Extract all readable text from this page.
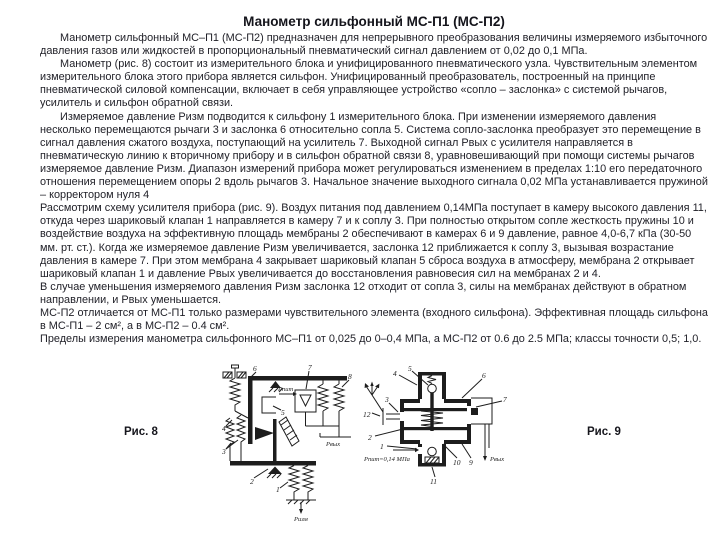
Манометр сильфонный МС-П1 (МС-П2)

Манометр сильфонный МС–П1 (МС-П2) предназначен для непрерывного преобразования величины измеряемого избыточного давления газов или жидкостей в пропорциональный пневматический сигнал давлением от 0,02 до 0,1 МПа.

Манометр (рис. 8) состоит из измерительного блока и унифицированного пневматического узла. Чувствительным элементом измерительного блока этого прибора является сильфон. Унифицированный преобразователь, построенный на принципе пневматической силовой компенсации, включает в себя управляющее устройство «сопло – заслонка» с системой рычагов, усилитель и сильфон обратной связи.

Измеряемое давление Ризм подводится к сильфону 1 измерительного блока. При изменении измеряемого давления несколько перемещаются рычаги 3 и заслонка 6 относительно сопла 5. Система сопло-заслонка преобразует это перемещение в сигнал давления сжатого воздуха, поступающий на усилитель 7. Выходной сигнал Рвых с усилителя направляется в пневматическую линию к вторичному прибору и в сильфон обратной связи 8, уравновешивающий при помощи системы рычагов измеряемое давление Ризм. Диапазон измерений прибора может регулироваться изменением в пределах 1:10 его передаточного отношения перемещением опоры 2 вдоль рычагов 3. Начальное значение выходного сигнала 0,02 МПа устанавливается пружиной – корректором нуля 4

Рассмотрим схему усилителя прибора (рис. 9). Воздух питания под давлением 0,14МПа поступает в камеру высокого давления 11, откуда через шариковый клапан 1 направляется в камеру 7 и к соплу 3. При полностью открытом сопле жесткость пружины 10 и воздействие воздуха на эффективную площадь мембраны 2 обеспечивают в камерах 6 и 9 давление, равное 4,0-6,7 кПа (30-50 мм. рт. ст.). Когда же измеряемое давление Ризм увеличивается, заслонка 12 приближается к соплу 3, вызывая возрастание давления в камере 7. При этом мембрана 4 закрывает шариковый клапан 5 сброса воздуха в атмосферу, мембрана 2 открывает шариковый клапан 1 и давление Рвых увеличивается до восстановления равновесия сил на мембранах 2 и 4.

В случае уменьшения измеряемого давления Ризм заслонка 12 отходит от сопла 3, силы на мембранах действуют в обратном направлении, и Рвых уменьшается.

МС-П2 отличается от МС-П1 только размерами чувствительного элемента (входного сильфона). Эффективная площадь сильфона в МС-П1 – 2 см², а в МС-П2 – 0.4 см².

Пределы измерения манометра сильфонного МС–П1 от 0,025 до 0–0,4 МПа, а МС-П2 от 0.6 до 2.5 МПа; классы точности 0,5; 1,0.

Рис. 8	Рис. 9
Рпит
Рвых
Ризм
6	7
8
5
4
3
2
1
Рпит=0,14 МПа	Рвых
4
5
6
7
3
12
2
1
11
10 9
